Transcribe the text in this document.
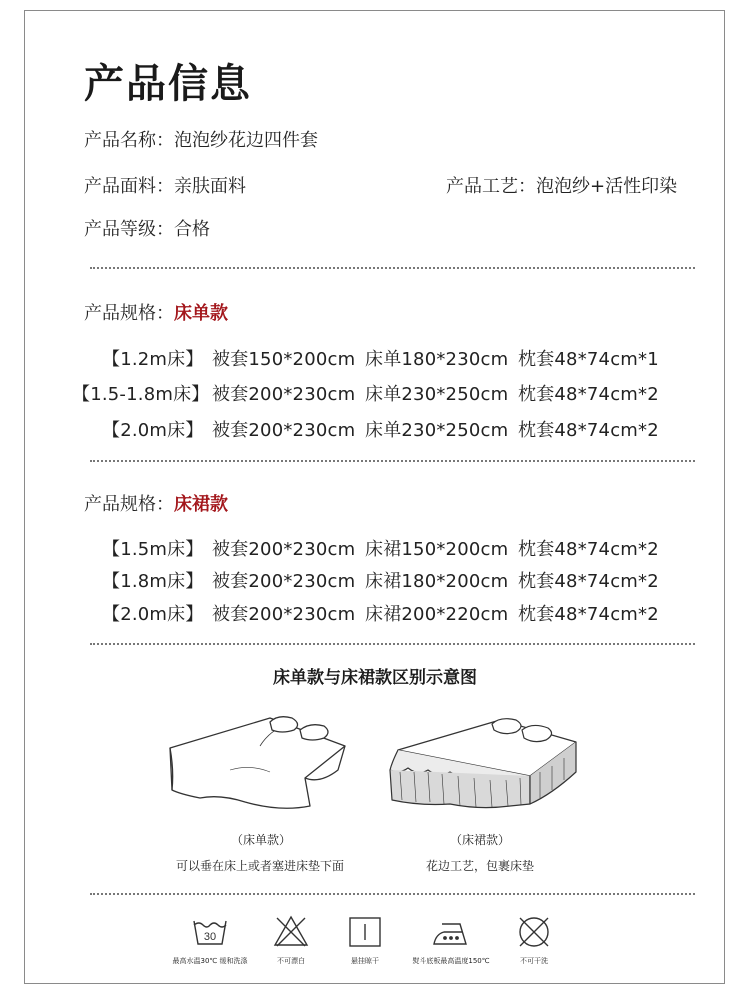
产品信息
产品名称：泡泡纱花边四件套
产品面料：亲肤面料	产品工艺：泡泡纱+活性印染
产品等级：合格
产品规格：床单款
【1.2m床】 被套150*200cm 床单180*230cm 枕套48*74cm*1
【1.5-1.8m床】 被套200*230cm 床单230*250cm 枕套48*74cm*2
【2.0m床】 被套200*230cm 床单230*250cm 枕套48*74cm*2
产品规格：床裙款
【1.5m床】 被套200*230cm 床裙150*200cm 枕套48*74cm*2
【1.8m床】 被套200*230cm 床裙180*200cm 枕套48*74cm*2
【2.0m床】 被套200*230cm 床裙200*220cm 枕套48*74cm*2
床单款与床裙款区别示意图
（床单款）
可以垂在床上或者塞进床垫下面
（床裙款）
花边工艺，包裹床垫
30
最高水温30℃ 缓和洗涤	不可漂白	悬挂晾干	熨斗底板最高温度150℃	不可干洗
